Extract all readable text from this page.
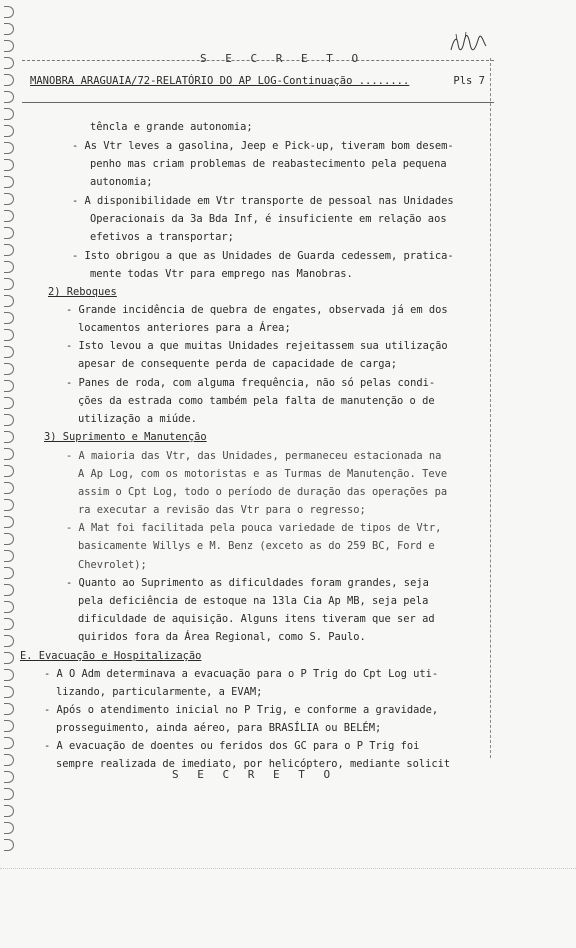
S E C R E T O
MANOBRA ARAGUAIA/72-RELATÓRIO DO AP LOG-Continuação ........	Pls 7
têncla e grande autonomia;
- As Vtr leves a gasolina, Jeep e Pick-up, tiveram bom desem-
penho mas criam problemas de reabastecimento pela pequena
autonomia;
- A disponibilidade em Vtr transporte de pessoal nas Unidades
Operacionais da 3a Bda Inf, é insuficiente em relação aos
efetivos a transportar;
- Isto obrigou a que as Unidades de Guarda cedessem, pratica-
mente todas Vtr para emprego nas Manobras.
2) Reboques
- Grande incidência de quebra de engates, observada já em dos
locamentos anteriores para a Área;
- Isto levou a que muitas Unidades rejeitassem sua utilização
apesar de consequente perda de capacidade de carga;
- Panes de roda, com alguma frequência, não só pelas condi-
ções da estrada como também pela falta de manutenção o de
utilização a miúde.
3) Suprimento e Manutenção
- A maioria das Vtr, das Unidades, permaneceu estacionada na
A Ap Log, com os motoristas e as Turmas de Manutenção. Teve
assim o Cpt Log, todo o período de duração das operações pa
ra executar a revisão das Vtr para o regresso;
- A Mat foi facilitada pela pouca variedade de tipos de Vtr,
basicamente Willys e M. Benz (exceto as do 259 BC, Ford e
Chevrolet);
- Quanto ao Suprimento as dificuldades foram grandes, seja
pela deficiência de estoque na 13la Cia Ap MB, seja pela
dificuldade de aquisição. Alguns itens tiveram que ser ad
quiridos fora da Área Regional, como S. Paulo.
E. Evacuação e Hospitalização
- A O Adm determinava a evacuação para o P Trig do Cpt Log uti-
lizando, particularmente, a EVAM;
- Após o atendimento inicial no P Trig, e conforme a gravidade,
prosseguimento, ainda aéreo, para BRASÍLIA ou BELÉM;
- A evacuação de doentes ou feridos dos GC para o P Trig foi
sempre realizada de imediato, por helicóptero, mediante solicit
S E C R E T O
